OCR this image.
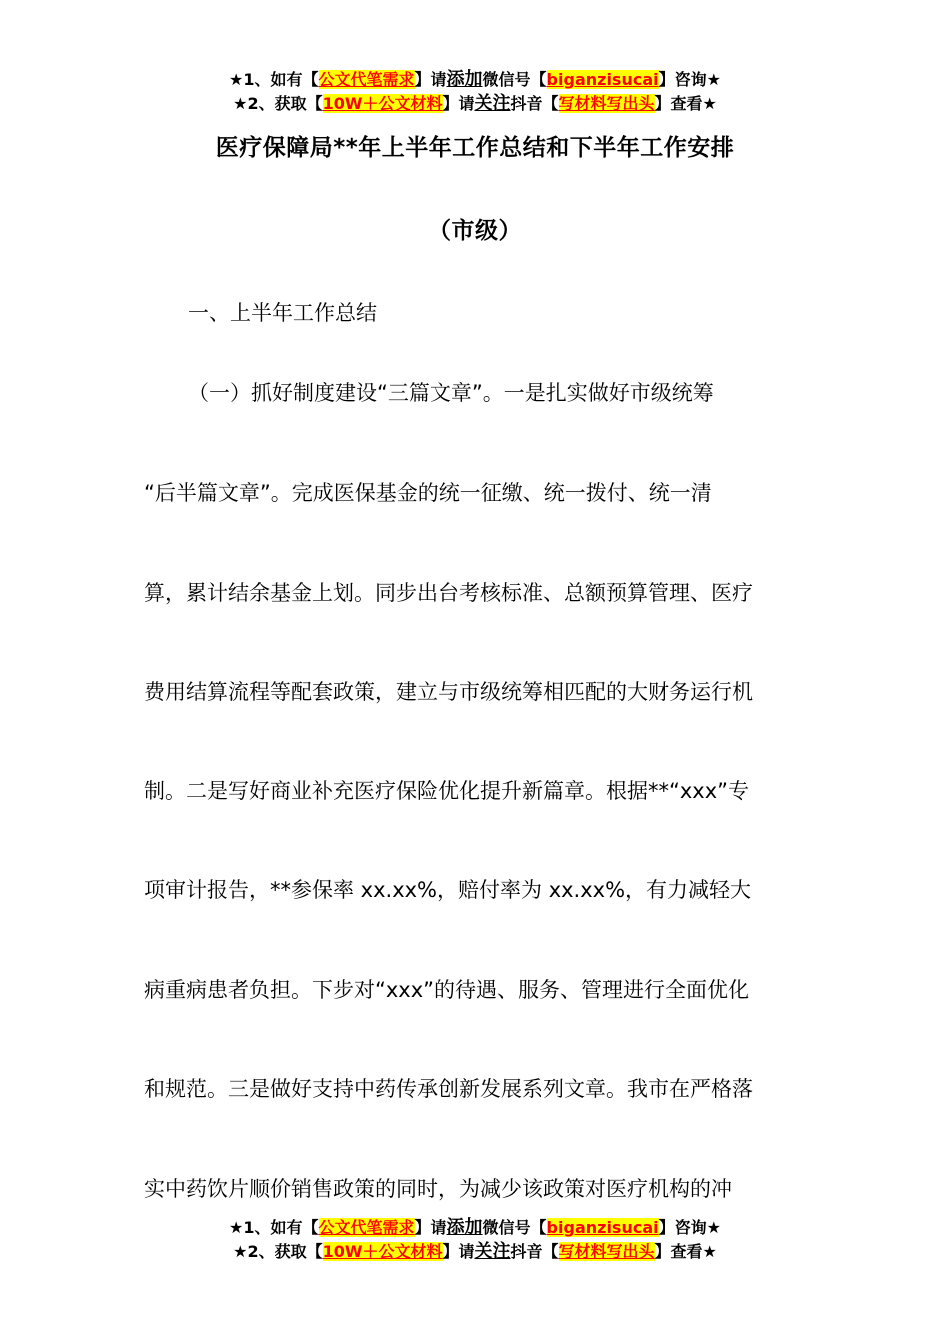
★1、如有【公文代笔需求】请添加微信号【biganzisucai】咨询★
★2、获取【10W＋公文材料】请关注抖音【写材料写出头】查看★
医疗保障局**年上半年工作总结和下半年工作安排
（市级）
一、上半年工作总结
（一）抓好制度建设“三篇文章”。一是扎实做好市级统筹
“后半篇文章”。完成医保基金的统一征缴、统一拨付、统一清
算，累计结余基金上划。同步出台考核标准、总额预算管理、医疗
费用结算流程等配套政策，建立与市级统筹相匹配的大财务运行机
制。二是写好商业补充医疗保险优化提升新篇章。根据**“xxx”专
项审计报告，**参保率 xx.xx%，赔付率为 xx.xx%，有力减轻大
病重病患者负担。下步对“xxx”的待遇、服务、管理进行全面优化
和规范。三是做好支持中药传承创新发展系列文章。我市在严格落
实中药饮片顺价销售政策的同时，为减少该政策对医疗机构的冲
★1、如有【公文代笔需求】请添加微信号【biganzisucai】咨询★
★2、获取【10W＋公文材料】请关注抖音【写材料写出头】查看★
